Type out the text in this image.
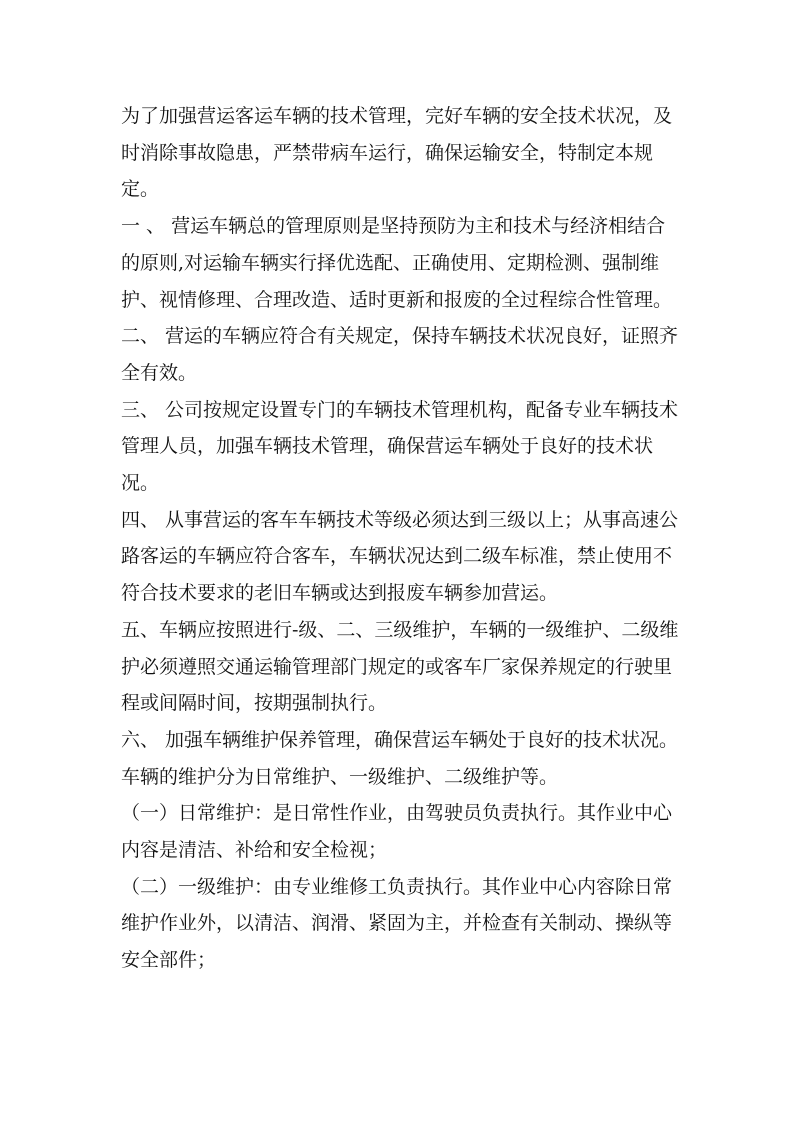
为了加强营运客运车辆的技术管理，完好车辆的安全技术状况，及时消除事故隐患，严禁带病车运行，确保运输安全，特制定本规定。

一 、 营运车辆总的管理原则是坚持预防为主和技术与经济相结合的原则,对运输车辆实行择优选配、正确使用、定期检测、强制维护、视情修理、合理改造、适时更新和报废的全过程综合性管理。

二、 营运的车辆应符合有关规定，保持车辆技术状况良好，证照齐全有效。

三、 公司按规定设置专门的车辆技术管理机构，配备专业车辆技术管理人员，加强车辆技术管理，确保营运车辆处于良好的技术状况。

四、 从事营运的客车车辆技术等级必须达到三级以上；从事高速公路客运的车辆应符合客车，车辆状况达到二级车标准，禁止使用不符合技术要求的老旧车辆或达到报废车辆参加营运。

五、车辆应按照进行-级、二、三级维护，车辆的一级维护、二级维护必须遵照交通运输管理部门规定的或客车厂家保养规定的行驶里程或间隔时间，按期强制执行。

六、 加强车辆维护保养管理，确保营运车辆处于良好的技术状况。车辆的维护分为日常维护、一级维护、二级维护等。

（一）日常维护：是日常性作业，由驾驶员负责执行。其作业中心内容是清洁、补给和安全检视；

（二）一级维护：由专业维修工负责执行。其作业中心内容除日常维护作业外，以清洁、润滑、紧固为主，并检查有关制动、操纵等安全部件；
